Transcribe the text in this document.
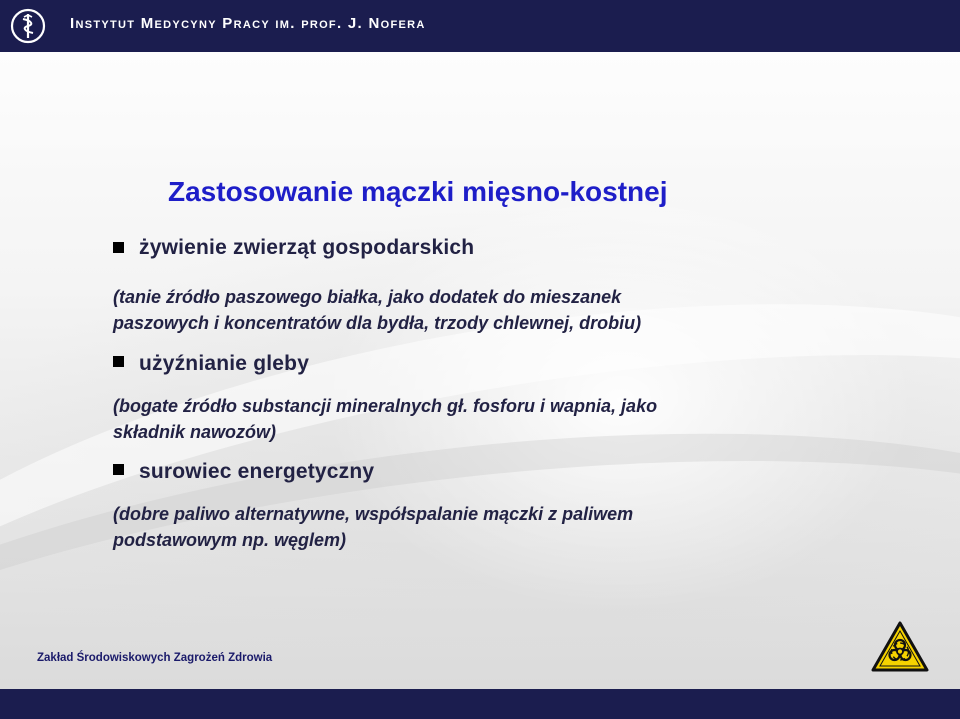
Instytut Medycyny Pracy im. prof. J. Nofera
Zastosowanie mączki mięsno-kostnej
żywienie zwierząt gospodarskich
(tanie źródło paszowego białka, jako dodatek do mieszanek
paszowych i koncentratów dla bydła, trzody chlewnej, drobiu)
użyźnianie gleby
(bogate źródło substancji mineralnych gł. fosforu i wapnia, jako
składnik nawozów)
surowiec energetyczny
(dobre paliwo alternatywne, współspalanie mączki z paliwem
podstawowym np. węglem)
Zakład Środowiskowych Zagrożeń Zdrowia
